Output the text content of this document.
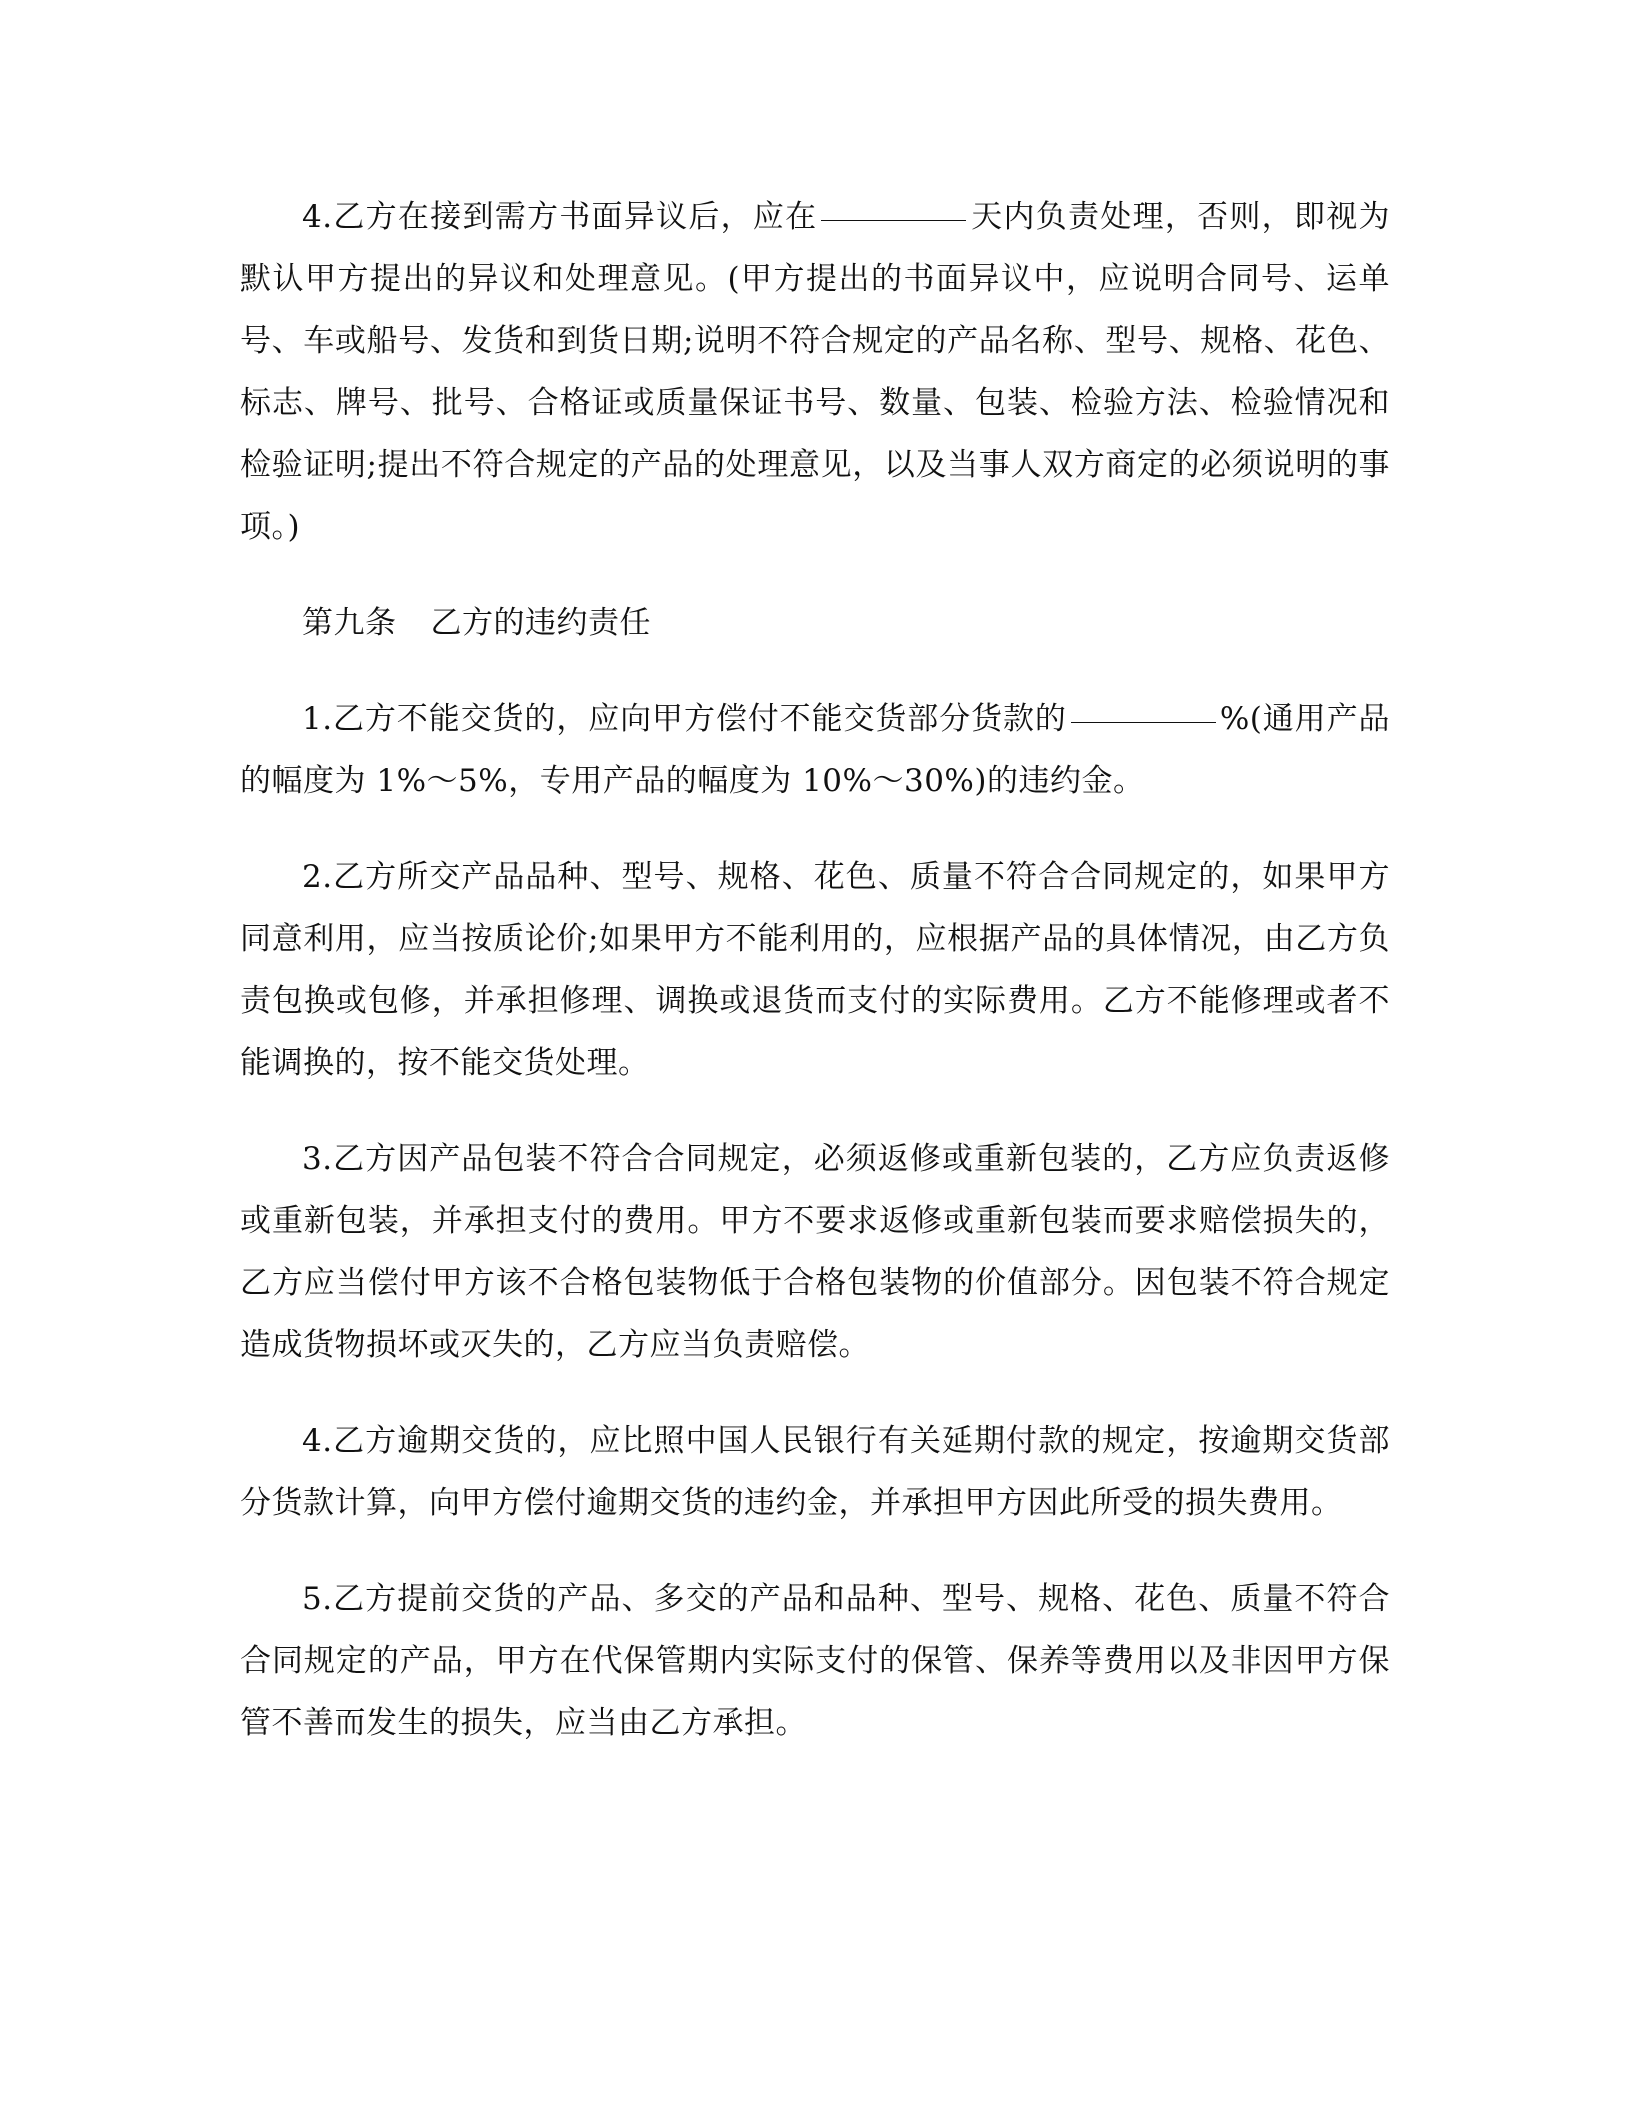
4.乙方在接到需方书面异议后，应在	天内负责处理，否则，即视为默认甲方提出的异议和处理意见。(甲方提出的书面异议中，应说明合同号、运单号、车或船号、发货和到货日期;说明不符合规定的产品名称、型号、规格、花色、标志、牌号、批号、合格证或质量保证书号、数量、包装、检验方法、检验情况和检验证明;提出不符合规定的产品的处理意见，以及当事人双方商定的必须说明的事项。)

第九条 乙方的违约责任

1.乙方不能交货的，应向甲方偿付不能交货部分货款的	%(通用产品的幅度为 1%～5%，专用产品的幅度为 10%～30%)的违约金。

2.乙方所交产品品种、型号、规格、花色、质量不符合合同规定的，如果甲方同意利用，应当按质论价;如果甲方不能利用的，应根据产品的具体情况，由乙方负责包换或包修，并承担修理、调换或退货而支付的实际费用。乙方不能修理或者不能调换的，按不能交货处理。

3.乙方因产品包装不符合合同规定，必须返修或重新包装的，乙方应负责返修或重新包装，并承担支付的费用。甲方不要求返修或重新包装而要求赔偿损失的，乙方应当偿付甲方该不合格包装物低于合格包装物的价值部分。因包装不符合规定造成货物损坏或灭失的，乙方应当负责赔偿。

4.乙方逾期交货的，应比照中国人民银行有关延期付款的规定，按逾期交货部分货款计算，向甲方偿付逾期交货的违约金，并承担甲方因此所受的损失费用。

5.乙方提前交货的产品、多交的产品和品种、型号、规格、花色、质量不符合合同规定的产品，甲方在代保管期内实际支付的保管、保养等费用以及非因甲方保管不善而发生的损失，应当由乙方承担。
